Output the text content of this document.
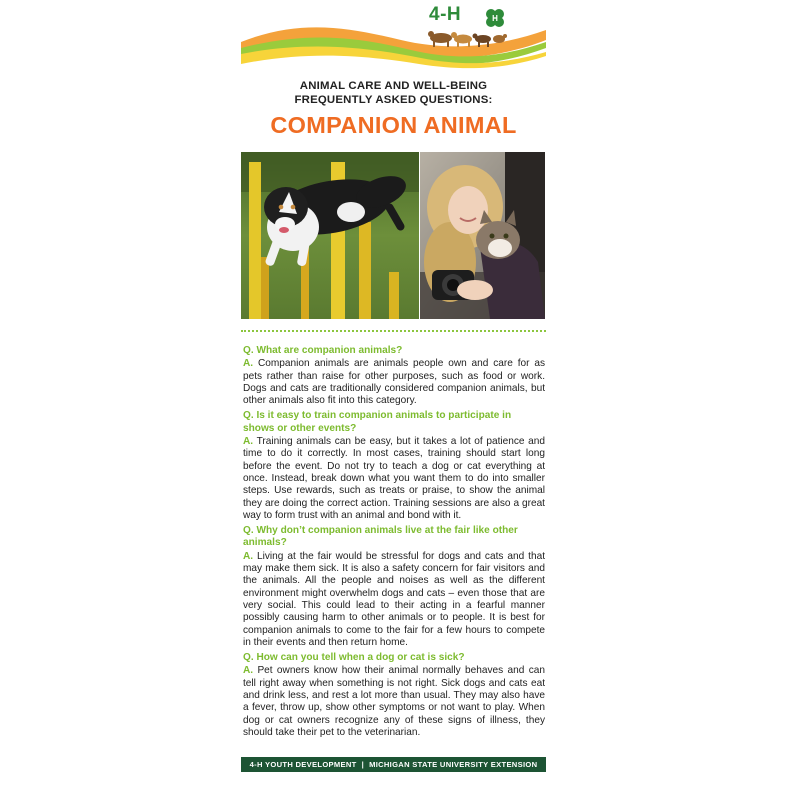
4-H	H
ANIMAL CARE AND WELL-BEING
FREQUENTLY ASKED QUESTIONS:
COMPANION ANIMAL
Q. What are companion animals?
A. Companion animals are animals people own and care for as pets rather than raise for other purposes, such as food or work. Dogs and cats are traditionally considered companion animals, but other animals also fit into this category.
Q. Is it easy to train companion animals to participate in shows or other events?
A. Training animals can be easy, but it takes a lot of patience and time to do it correctly. In most cases, training should start long before the event. Do not try to teach a dog or cat everything at once. Instead, break down what you want them to do into smaller steps. Use rewards, such as treats or praise, to show the animal they are doing the correct action. Training sessions are also a great way to form trust with an animal and bond with it.
Q. Why don’t companion animals live at the fair like other animals?
A. Living at the fair would be stressful for dogs and cats and that may make them sick. It is also a safety concern for fair visitors and the animals. All the people and noises as well as the different environment might overwhelm dogs and cats – even those that are very social. This could lead to their acting in a fearful manner possibly causing harm to other animals or to people. It is best for companion animals to come to the fair for a few hours to compete in their events and then return home.
Q. How can you tell when a dog or cat is sick?
A. Pet owners know how their animal normally behaves and can tell right away when something is not right. Sick dogs and cats eat and drink less, and rest a lot more than usual. They may also have a fever, throw up, show other symptoms or not want to play. When dog or cat owners recognize any of these signs of illness, they should take their pet to the veterinarian.
4-H YOUTH DEVELOPMENT | MICHIGAN STATE UNIVERSITY EXTENSION
